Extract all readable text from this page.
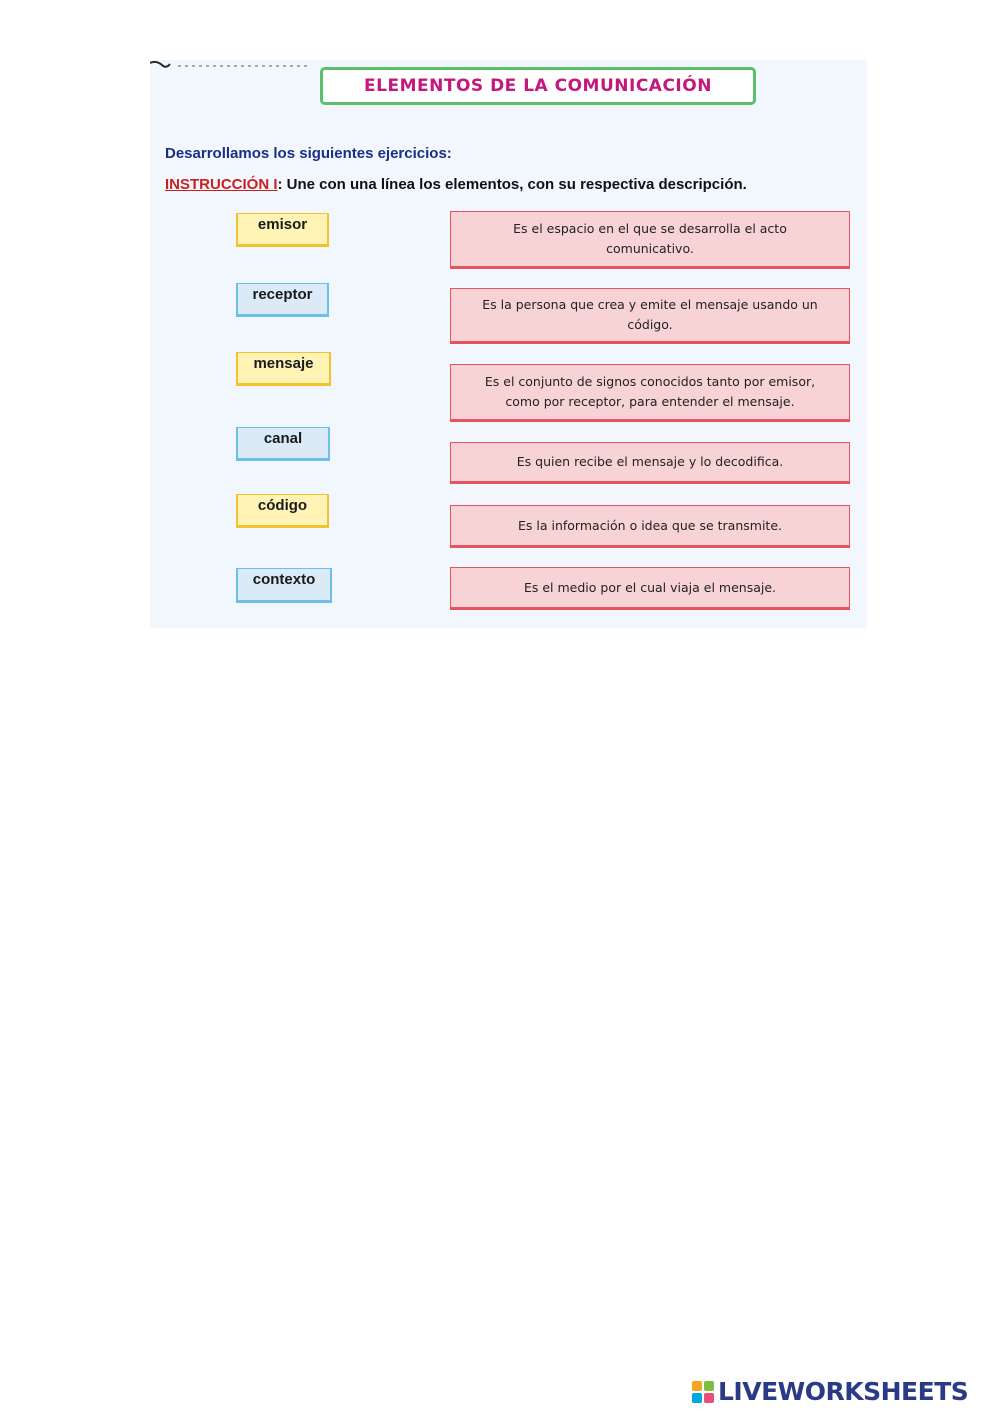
ELEMENTOS DE LA COMUNICACIÓN
Desarrollamos los siguientes ejercicios:
INSTRUCCIÓN I: Une con una línea los elementos, con su respectiva descripción.
emisor
receptor
mensaje
canal
código
contexto
Es el espacio en el que se desarrolla el acto comunicativo.
Es la persona que crea y emite el mensaje usando un código.
Es el conjunto de signos conocidos tanto por emisor, como por receptor, para entender el mensaje.
Es quien recibe el mensaje y lo decodifica.
Es la información o idea que se transmite.
Es el medio por el cual viaja el mensaje.
LIVEWORKSHEETS
